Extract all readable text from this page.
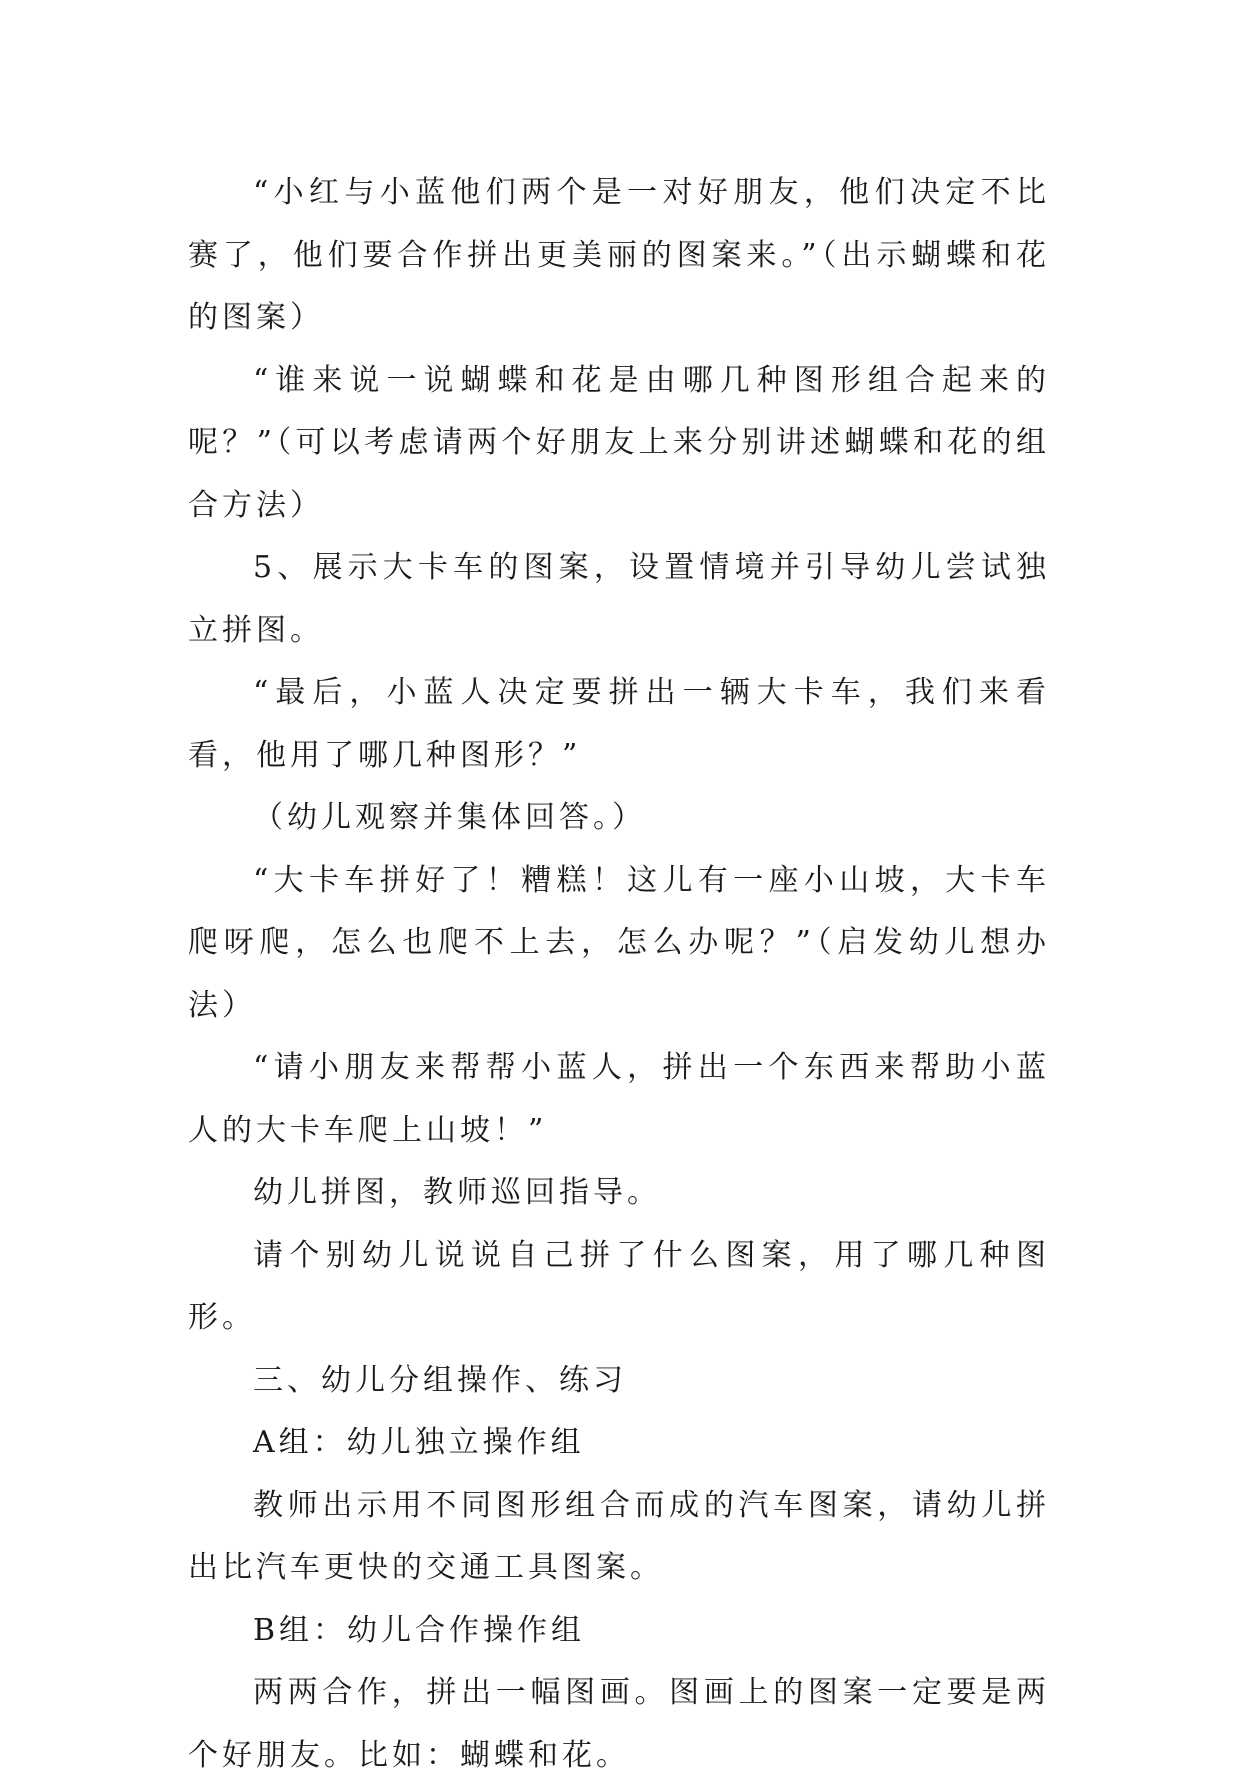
“小红与小蓝他们两个是一对好朋友，他们决定不比赛了，他们要合作拼出更美丽的图案来。”（出示蝴蝶和花的图案）

“谁来说一说蝴蝶和花是由哪几种图形组合起来的呢？”（可以考虑请两个好朋友上来分别讲述蝴蝶和花的组合方法）

5、展示大卡车的图案，设置情境并引导幼儿尝试独立拼图。

“最后，小蓝人决定要拼出一辆大卡车，我们来看看，他用了哪几种图形？”

（幼儿观察并集体回答。）

“大卡车拼好了！糟糕！这儿有一座小山坡，大卡车爬呀爬，怎么也爬不上去，怎么办呢？”（启发幼儿想办法）

“请小朋友来帮帮小蓝人，拼出一个东西来帮助小蓝人的大卡车爬上山坡！”

幼儿拼图，教师巡回指导。

请个别幼儿说说自己拼了什么图案，用了哪几种图形。

三、幼儿分组操作、练习

A组：幼儿独立操作组

教师出示用不同图形组合而成的汽车图案，请幼儿拼出比汽车更快的交通工具图案。

B组：幼儿合作操作组

两两合作，拼出一幅图画。图画上的图案一定要是两个好朋友。比如：蝴蝶和花。
